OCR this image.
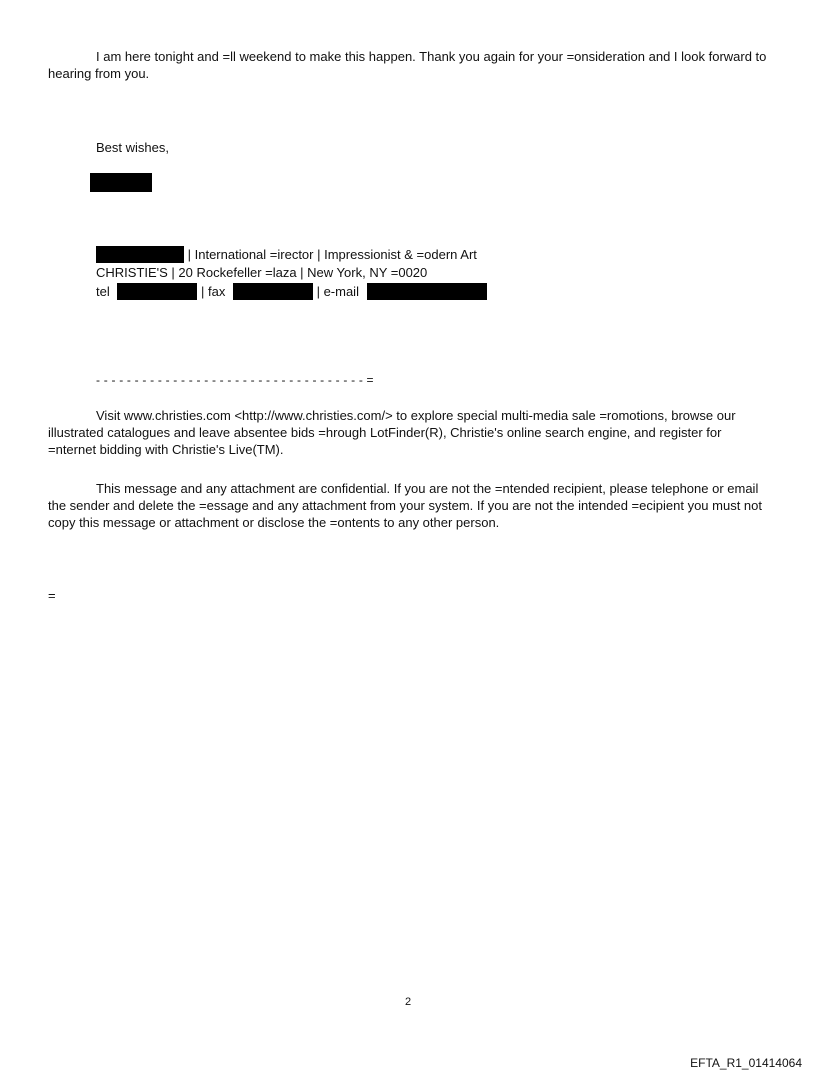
I am here tonight and =ll weekend to make this happen. Thank you again for your =onsideration and I look forward to hearing from you.

Best wishes,

| International =irector | Impressionist & =odern Art

CHRISTIE'S | 20 Rockefeller =laza | New York, NY =0020

tel	| fax	| e-mail

- - - - - - - - - - - - - - - - - - - - - - - - - - - - - - - - - - - =

Visit www.christies.com <http://www.christies.com/> to explore special multi-media sale =romotions, browse our illustrated catalogues and leave absentee bids =hrough LotFinder(R), Christie's online search engine, and register for =nternet bidding with Christie's Live(TM).

This message and any attachment are confidential. If you are not the =ntended recipient, please telephone or email the sender and delete the =essage and any attachment from your system. If you are not the intended =ecipient you must not copy this message or attachment or disclose the =ontents to any other person.

=

2
EFTA_R1_01414064
